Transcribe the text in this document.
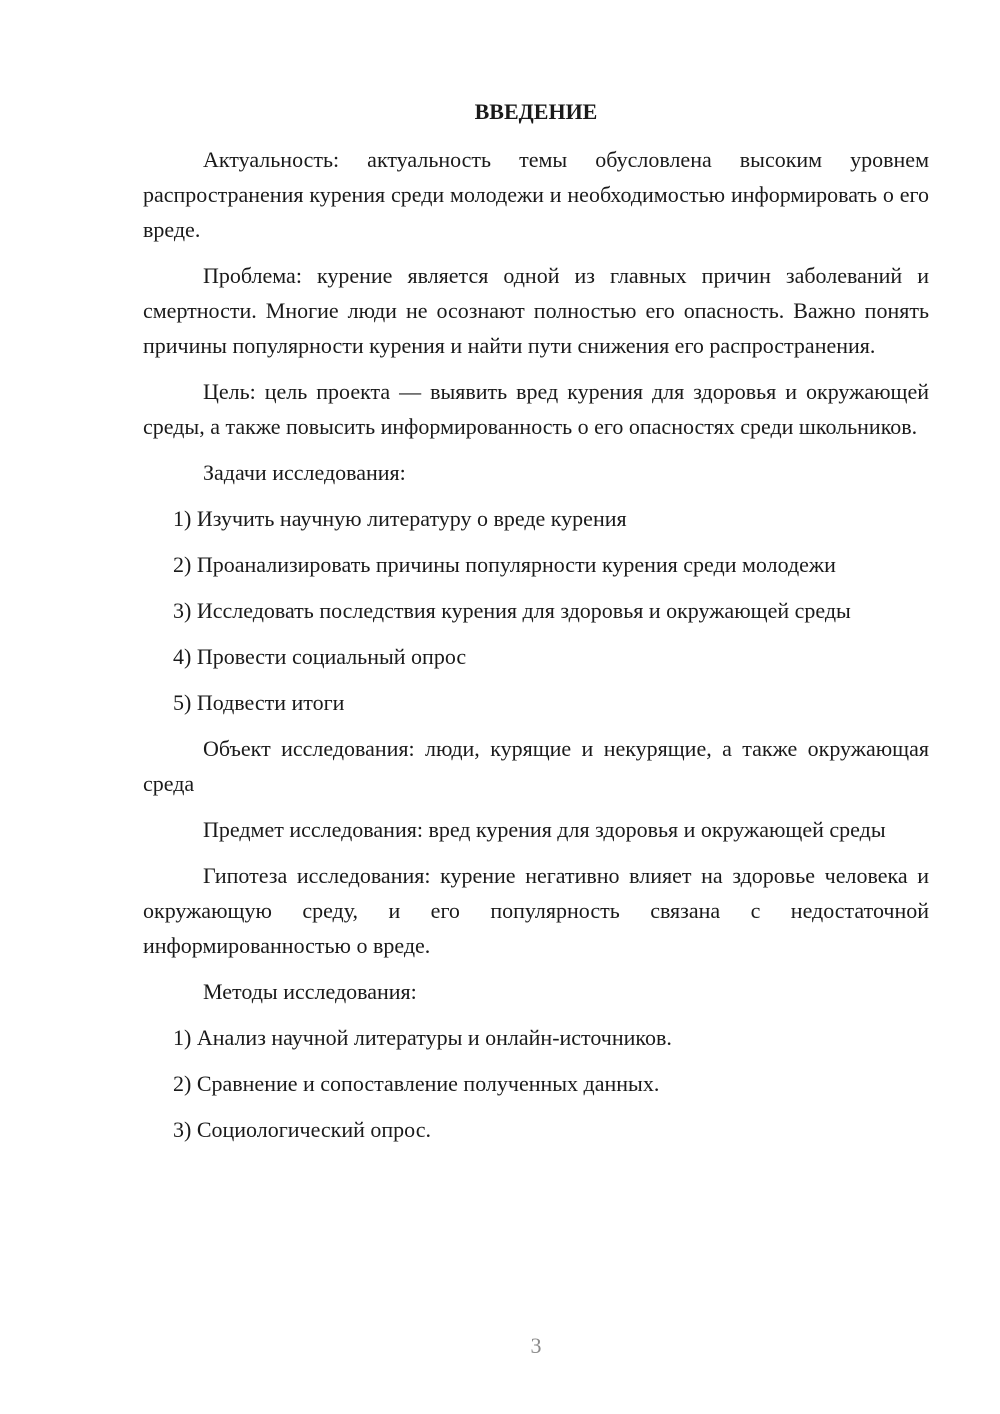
ВВЕДЕНИЕ

Актуальность: актуальность темы обусловлена высоким уровнем распространения курения среди молодежи и необходимостью информировать о его вреде.

Проблема: курение является одной из главных причин заболеваний и смертности. Многие люди не осознают полностью его опасность. Важно понять причины популярности курения и найти пути снижения его распространения.

Цель: цель проекта — выявить вред курения для здоровья и окружающей среды, а также повысить информированность о его опасностях среди школьников.

Задачи исследования:

1) Изучить научную литературу о вреде курения

2) Проанализировать причины популярности курения среди молодежи

3) Исследовать последствия курения для здоровья и окружающей среды

4) Провести социальный опрос

5) Подвести итоги

Объект исследования: люди, курящие и некурящие, а также окружающая среда

Предмет исследования: вред курения для здоровья и окружающей среды

Гипотеза исследования: курение негативно влияет на здоровье человека и окружающую среду, и его популярность связана с недостаточной информированностью о вреде.

Методы исследования:

1) Анализ научной литературы и онлайн-источников.

2) Сравнение и сопоставление полученных данных.

3) Социологический опрос.

3
